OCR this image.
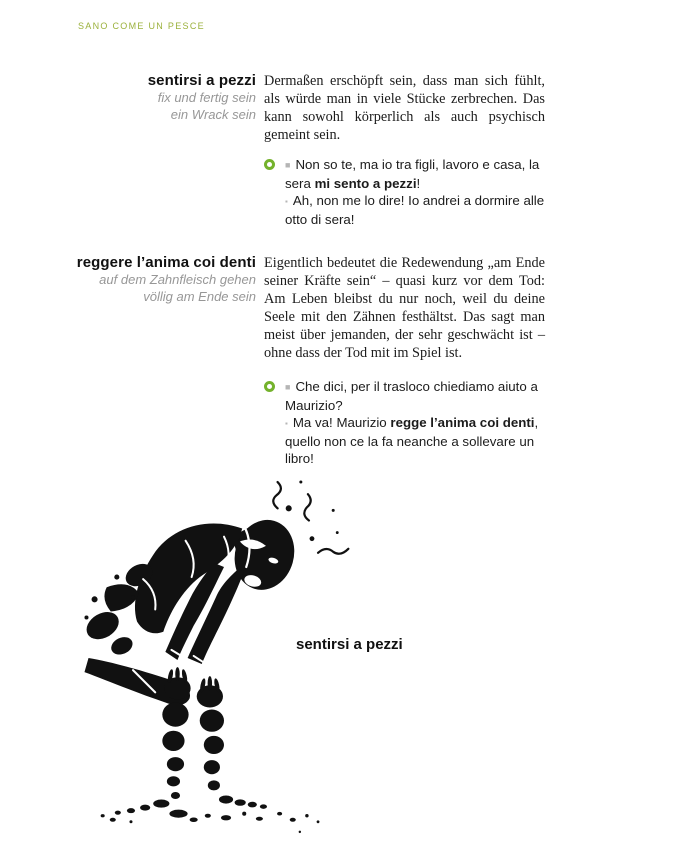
SANO COME UN PESCE
sentirsi a pezzi
fix und fertig sein
ein Wrack sein
Dermaßen erschöpft sein, dass man sich fühlt, als würde man in viele Stücke zerbrechen. Das kann sowohl körperlich als auch psychisch gemeint sein.
■ Non so te, ma io tra figli, lavoro e casa, la sera mi sento a pezzi!
▪ Ah, non me lo dire! Io andrei a dormire alle otto di sera!
reggere l’anima coi denti
auf dem Zahnfleisch gehen
völlig am Ende sein
Eigentlich bedeutet die Redewendung „am Ende seiner Kräfte sein“ – quasi kurz vor dem Tod: Am Leben bleibst du nur noch, weil du deine Seele mit den Zähnen festhältst. Das sagt man meist über jemanden, der sehr geschwächt ist – ohne dass der Tod mit im Spiel ist.
■ Che dici, per il trasloco chiediamo aiuto a Maurizio?
▪ Ma va! Maurizio regge l’anima coi denti, quello non ce la fa neanche a sollevare un libro!
sentirsi a pezzi
